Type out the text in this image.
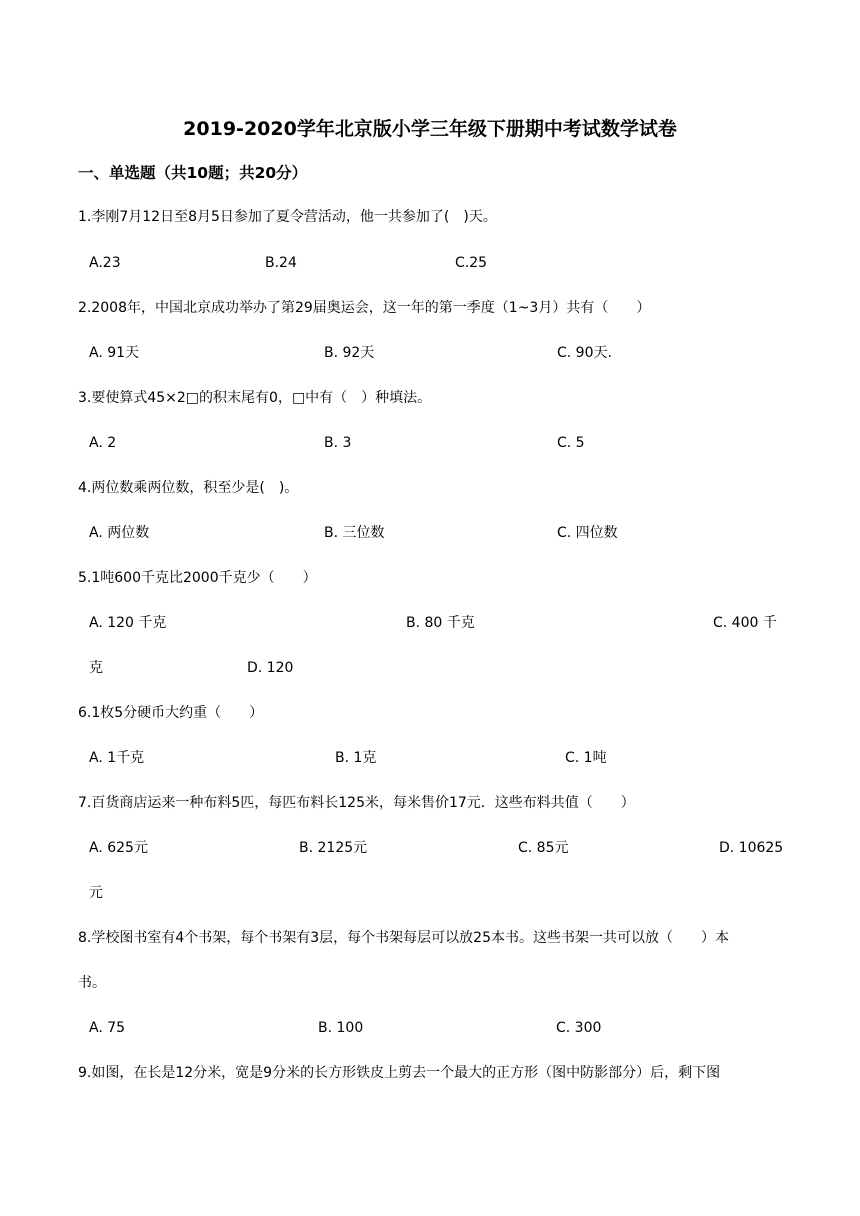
2019-2020学年北京版小学三年级下册期中考试数学试卷
一、单选题（共10题；共20分）
1.李刚7月12日至8月5日参加了夏令营活动，他一共参加了(　)天。
A.23	B.24	C.25
2.2008年，中国北京成功举办了第29届奥运会，这一年的第一季度（1~3月）共有（　　）
A. 91天	B. 92天	C. 90天.
3.要使算式45×2□的积末尾有0，□中有（　）种填法。
A. 2	B. 3	C. 5
4.两位数乘两位数，积至少是(　)。
A. 两位数	B. 三位数	C. 四位数
5.1吨600千克比2000千克少（　　）
A. 120 千克	B. 80 千克	C. 400 千
克	D. 120
6.1枚5分硬币大约重（　　）
A. 1千克	B. 1克	C. 1吨
7.百货商店运来一种布料5匹，每匹布料长125米，每米售价17元．这些布料共值（　　）
A. 625元	B. 2125元	C. 85元	D. 10625
元
8.学校图书室有4个书架，每个书架有3层，每个书架每层可以放25本书。这些书架一共可以放（　　）本
书。
A. 75	B. 100	C. 300
9.如图，在长是12分米，宽是9分米的长方形铁皮上剪去一个最大的正方形（图中防影部分）后，剩下图
